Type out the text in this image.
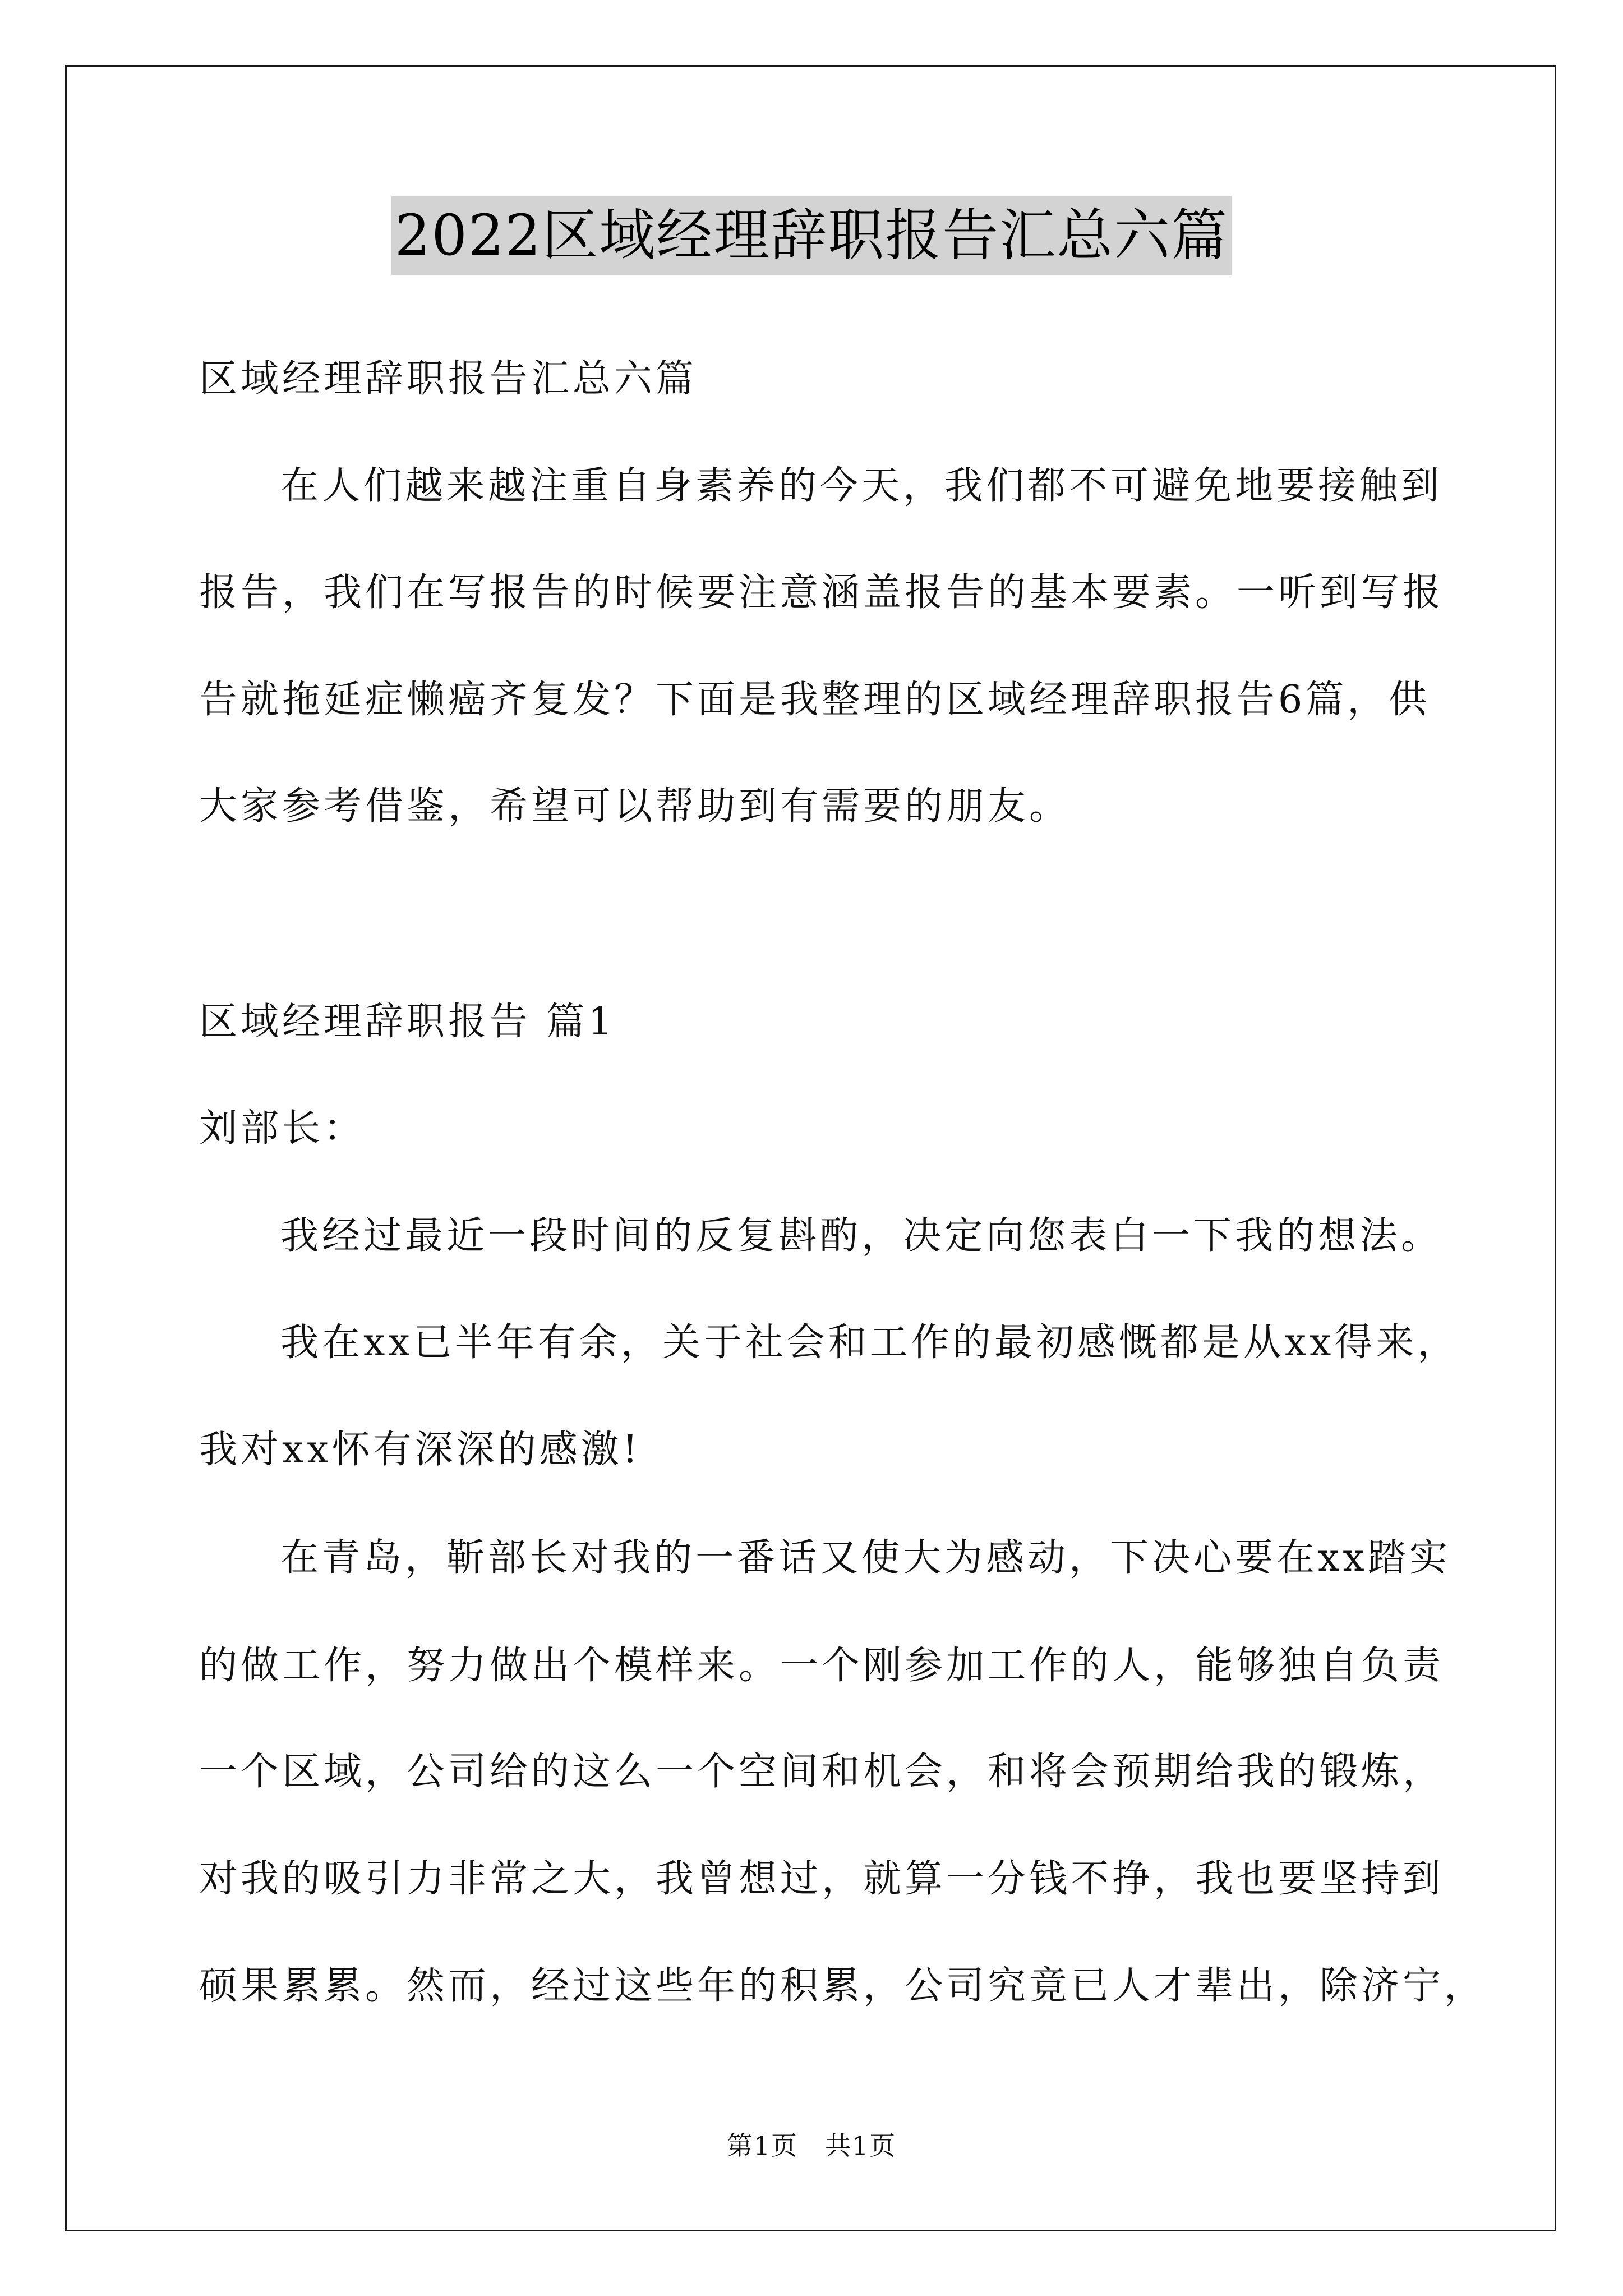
2022区域经理辞职报告汇总六篇
区域经理辞职报告汇总六篇
在人们越来越注重自身素养的今天，我们都不可避免地要接触到
报告，我们在写报告的时候要注意涵盖报告的基本要素。一听到写报
告就拖延症懒癌齐复发？下面是我整理的区域经理辞职报告6篇，供
大家参考借鉴，希望可以帮助到有需要的朋友。
区域经理辞职报告 篇1
刘部长：
我经过最近一段时间的反复斟酌，决定向您表白一下我的想法。
我在xx已半年有余，关于社会和工作的最初感慨都是从xx得来，
我对xx怀有深深的感激!
在青岛，靳部长对我的一番话又使大为感动，下决心要在xx踏实
的做工作，努力做出个模样来。一个刚参加工作的人，能够独自负责
一个区域，公司给的这么一个空间和机会，和将会预期给我的锻炼，
对我的吸引力非常之大，我曾想过，就算一分钱不挣，我也要坚持到
硕果累累。然而，经过这些年的积累，公司究竟已人才辈出，除济宁，
第1页　共1页
